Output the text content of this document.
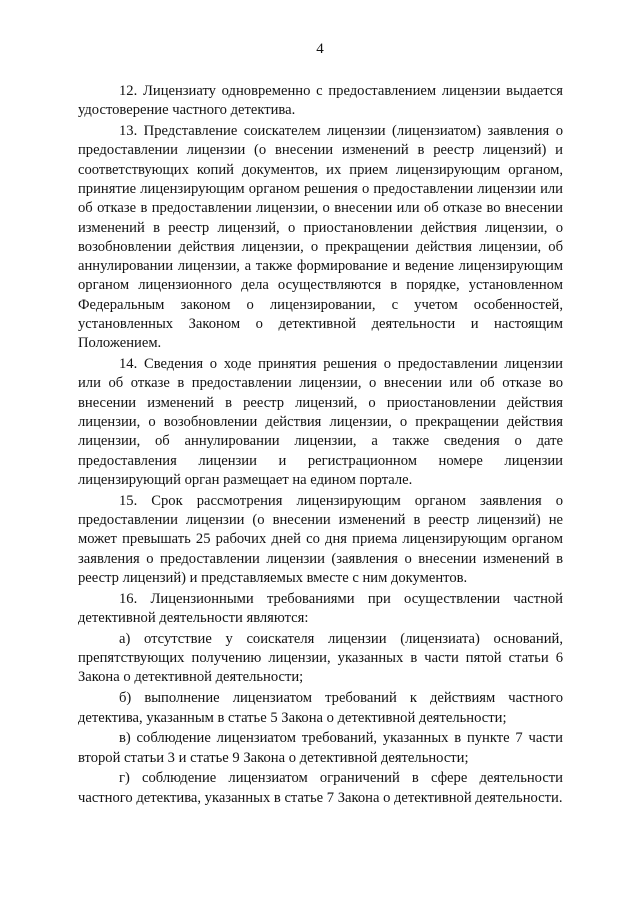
4

12. Лицензиату одновременно с предоставлением лицензии выдается удостоверение частного детектива.

13. Представление соискателем лицензии (лицензиатом) заявления о предоставлении лицензии (о внесении изменений в реестр лицензий) и соответствующих копий документов, их прием лицензирующим органом, принятие лицензирующим органом решения о предоставлении лицензии или об отказе в предоставлении лицензии, о внесении или об отказе во внесении изменений в реестр лицензий, о приостановлении действия лицензии, о возобновлении действия лицензии, о прекращении действия лицензии, об аннулировании лицензии, а также формирование и ведение лицензирующим органом лицензионного дела осуществляются в порядке, установленном Федеральным законом о лицензировании, с учетом особенностей, установленных Законом о детективной деятельности и настоящим Положением.

14. Сведения о ходе принятия решения о предоставлении лицензии или об отказе в предоставлении лицензии, о внесении или об отказе во внесении изменений в реестр лицензий, о приостановлении действия лицензии, о возобновлении действия лицензии, о прекращении действия лицензии, об аннулировании лицензии, а также сведения о дате предоставления лицензии и регистрационном номере лицензии лицензирующий орган размещает на едином портале.

15. Срок рассмотрения лицензирующим органом заявления о предоставлении лицензии (о внесении изменений в реестр лицензий) не может превышать 25 рабочих дней со дня приема лицензирующим органом заявления о предоставлении лицензии (заявления о внесении изменений в реестр лицензий) и представляемых вместе с ним документов.

16. Лицензионными требованиями при осуществлении частной детективной деятельности являются:

а) отсутствие у соискателя лицензии (лицензиата) оснований, препятствующих получению лицензии, указанных в части пятой статьи 6 Закона о детективной деятельности;

б) выполнение лицензиатом требований к действиям частного детектива, указанным в статье 5 Закона о детективной деятельности;

в) соблюдение лицензиатом требований, указанных в пункте 7 части второй статьи 3 и статье 9 Закона о детективной деятельности;

г) соблюдение лицензиатом ограничений в сфере деятельности частного детектива, указанных в статье 7 Закона о детективной деятельности.
